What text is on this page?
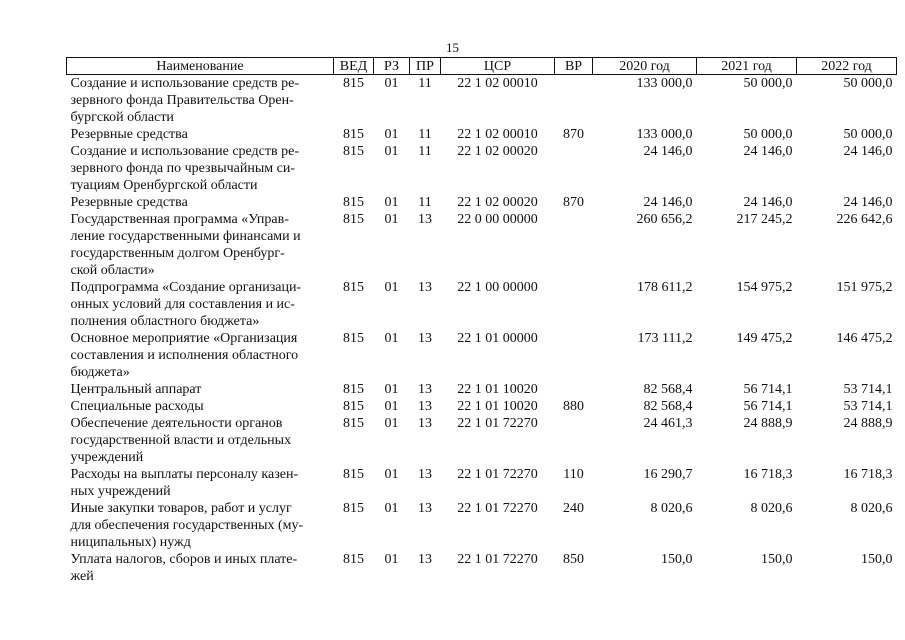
15
Наименование	ВЕД	РЗ	ПР	ЦСР	ВР	2020 год	2021 год	2022 год
Создание и использование средств ре-
зервного фонда Правительства Орен-
бургской области	815	01	11	22 1 02 00010		133 000,0	50 000,0	50 000,0
Резервные средства	815	01	11	22 1 02 00010	870	133 000,0	50 000,0	50 000,0
Создание и использование средств ре-
зервного фонда по чрезвычайным си-
туациям Оренбургской области	815	01	11	22 1 02 00020		24 146,0	24 146,0	24 146,0
Резервные средства	815	01	11	22 1 02 00020	870	24 146,0	24 146,0	24 146,0
Государственная программа «Управ-
ление государственными финансами и
государственным долгом Оренбург-
ской области»	815	01	13	22 0 00 00000		260 656,2	217 245,2	226 642,6
Подпрограмма «Создание организаци-
онных условий для составления и ис-
полнения областного бюджета»	815	01	13	22 1 00 00000		178 611,2	154 975,2	151 975,2
Основное мероприятие «Организация
составления и исполнения областного
бюджета»	815	01	13	22 1 01 00000		173 111,2	149 475,2	146 475,2
Центральный аппарат	815	01	13	22 1 01 10020		82 568,4	56 714,1	53 714,1
Специальные расходы	815	01	13	22 1 01 10020	880	82 568,4	56 714,1	53 714,1
Обеспечение деятельности органов
государственной власти и отдельных
учреждений	815	01	13	22 1 01 72270		24 461,3	24 888,9	24 888,9
Расходы на выплаты персоналу казен-
ных учреждений	815	01	13	22 1 01 72270	110	16 290,7	16 718,3	16 718,3
Иные закупки товаров, работ и услуг
для обеспечения государственных (му-
ниципальных) нужд	815	01	13	22 1 01 72270	240	8 020,6	8 020,6	8 020,6
Уплата налогов, сборов и иных плате-
жей	815	01	13	22 1 01 72270	850	150,0	150,0	150,0
